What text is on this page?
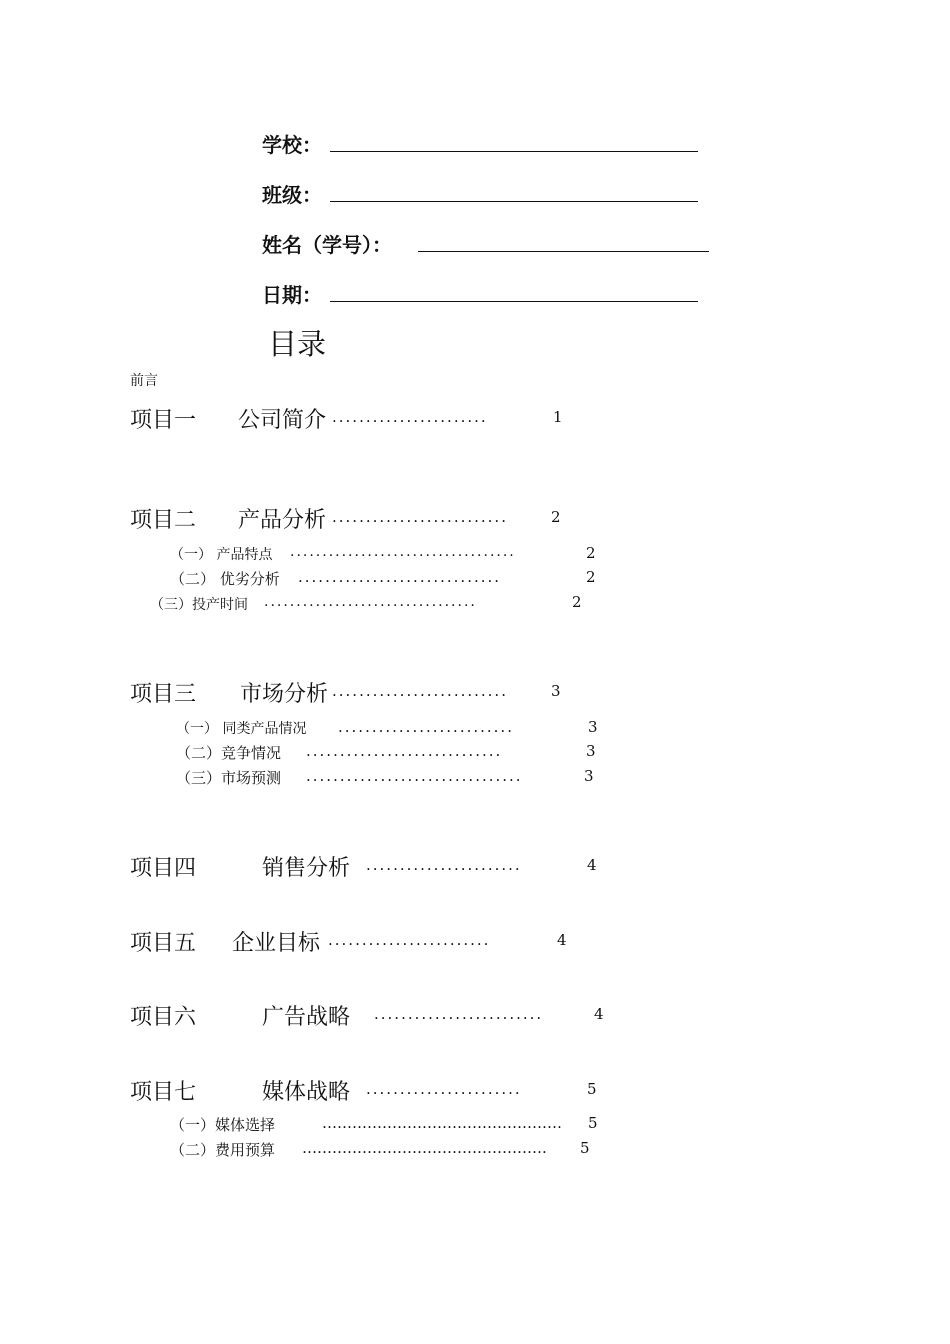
学校：
班级：
姓名（学号）：
日期：
目录
前言
项目一 公司简介 .......................	1
项目二 产品分析 ..........................	2
（一） 产品特点 ...................................	2
（二） 优劣分析 ..............................	2
（三）投产时间 .................................	2
项目三 市场分析 ..........................	3
（一） 同类产品情况 ..........................	3
（二）竞争情况 .............................	3
（三）市场预测 ................................	3
项目四	销售分析 .......................	4
项目五 企业目标 ........................	4
项目六	广告战略 .........................	4
项目七	媒体战略 .......................	5
（一）媒体选择	…………………………………………	5
（二）费用预算 ………………………………………….	5
